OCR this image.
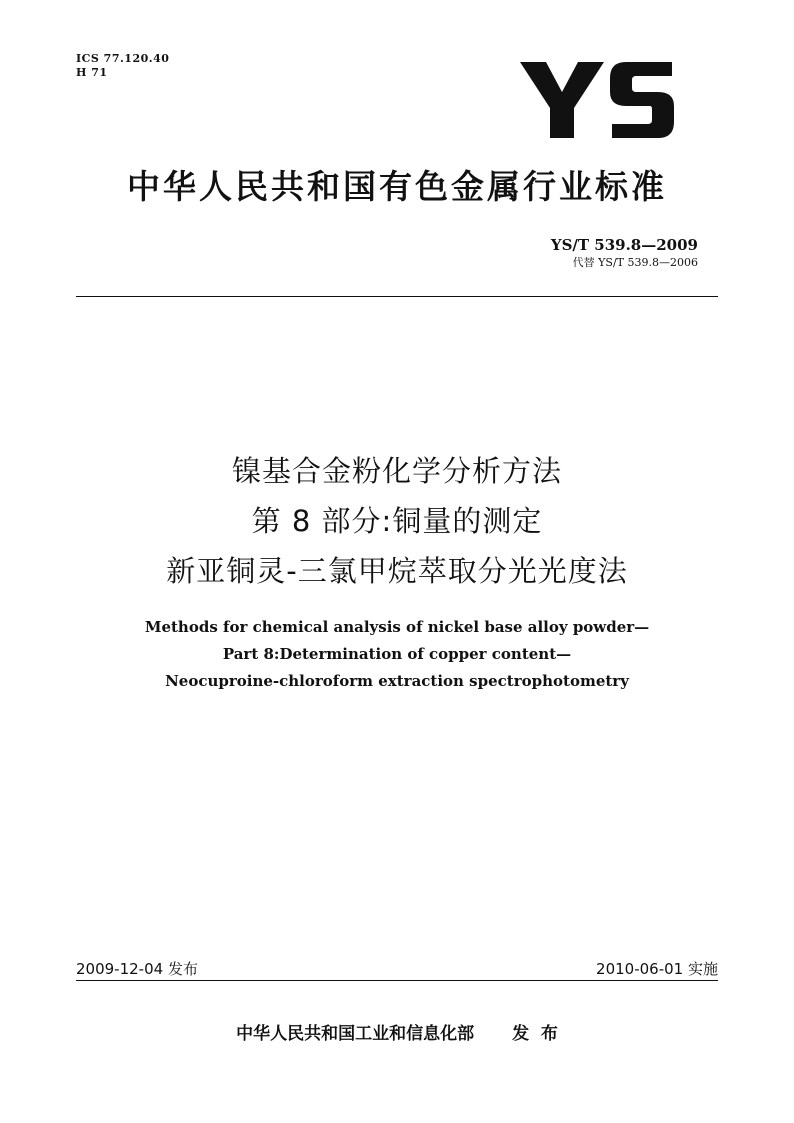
ICS 77.120.40
H 71
中华人民共和国有色金属行业标准
YS/T 539.8—2009
代替 YS/T 539.8—2006
镍基合金粉化学分析方法
第 8 部分:铜量的测定
新亚铜灵-三氯甲烷萃取分光光度法
Methods for chemical analysis of nickel base alloy powder—
Part 8:Determination of copper content—
Neocuproine-chloroform extraction spectrophotometry
2009-12-04 发布	2010-06-01 实施
中华人民共和国工业和信息化部 发  布
